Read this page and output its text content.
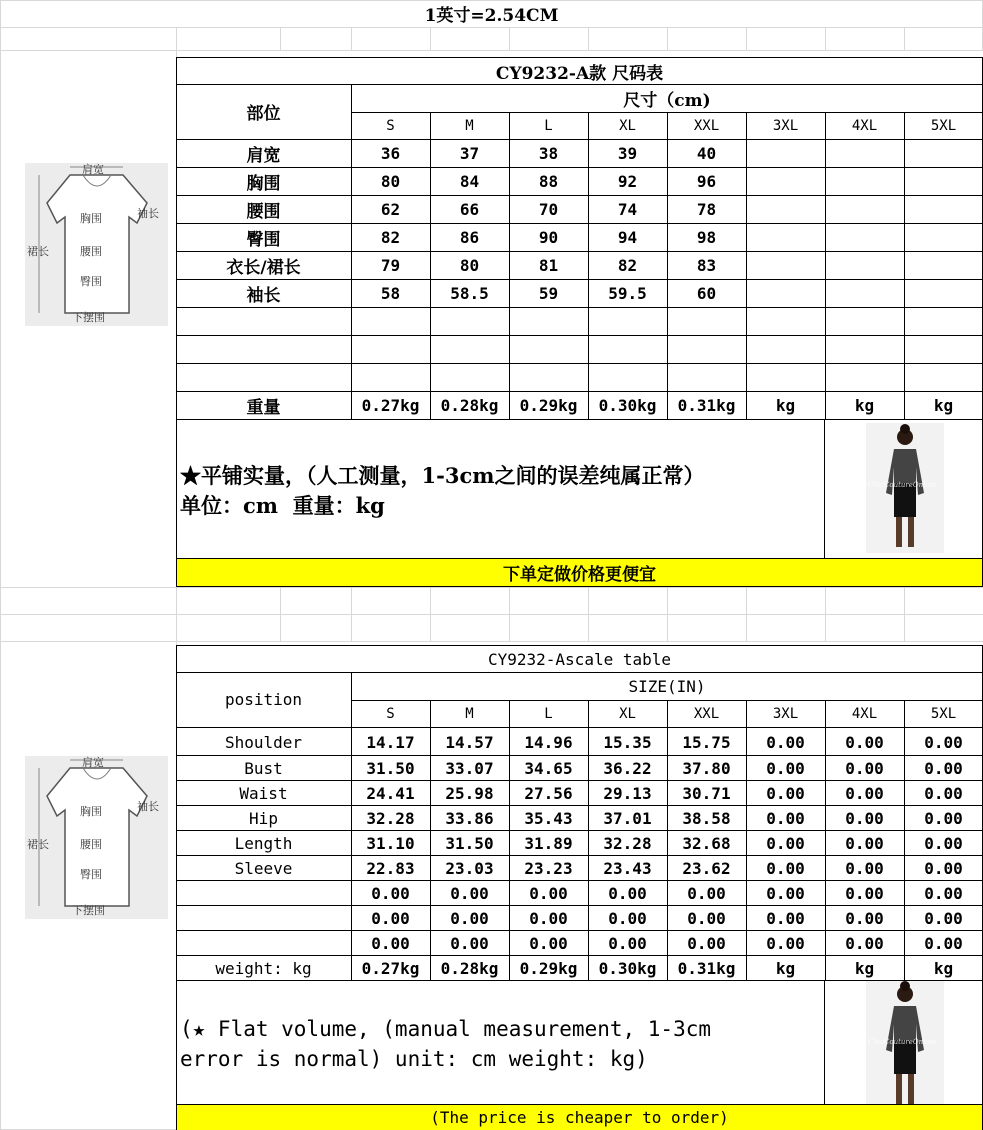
1英寸=2.54CM
肩宽
袖长
胸围
裙长	腰围
臀围
下摆围
肩宽
袖长
胸围
裙长	腰围
臀围
下摆围
CY9232-A款 尺码表
部位
尺寸（cm)
S	M	L	XL	XXL	3XL	4XL	5XL
肩宽	36	37	38	39	40
胸围	80	84	88	92	96
腰围	62	66	70	74	78
臀围	82	86	90	94	98
衣长/裙长	79	80	81	82	83
袖长	58	58.5	59	59.5	60
重量	0.27kg	0.28kg	0.29kg	0.30kg	0.31kg	kg	kg	kg
★平铺实量，（人工测量，1-3cm之间的误差纯属正常）
单位：cm  重量：kg
ChicCoutureOnline
下单定做价格更便宜
CY9232-Ascale table
position
SIZE(IN)
S	M	L	XL	XXL	3XL	4XL	5XL
Shoulder	14.17	14.57	14.96	15.35	15.75	0.00	0.00	0.00
Bust	31.50	33.07	34.65	36.22	37.80	0.00	0.00	0.00
Waist	24.41	25.98	27.56	29.13	30.71	0.00	0.00	0.00
Hip	32.28	33.86	35.43	37.01	38.58	0.00	0.00	0.00
Length	31.10	31.50	31.89	32.28	32.68	0.00	0.00	0.00
Sleeve	22.83	23.03	23.23	23.43	23.62	0.00	0.00	0.00
0.00	0.00	0.00	0.00	0.00	0.00	0.00	0.00
0.00	0.00	0.00	0.00	0.00	0.00	0.00	0.00
0.00	0.00	0.00	0.00	0.00	0.00	0.00	0.00
weight: kg	0.27kg	0.28kg	0.29kg	0.30kg	0.31kg	kg	kg	kg
(★ Flat volume, (manual measurement, 1-3cm
error is normal) unit: cm weight: kg)
ChicCoutureOnline
(The price is cheaper to order)
